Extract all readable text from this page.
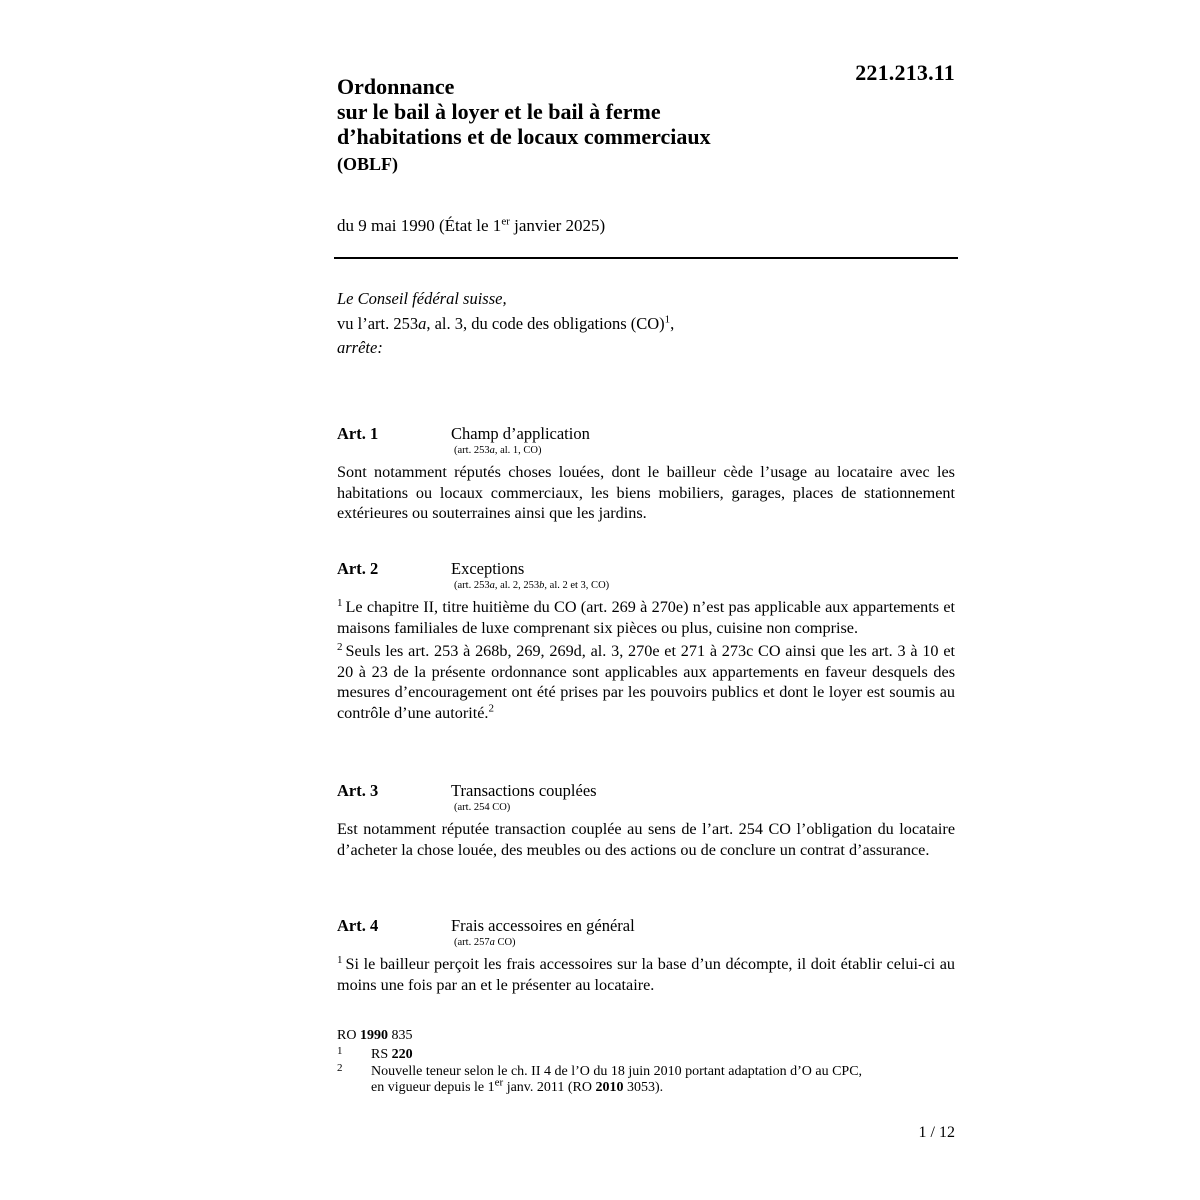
221.213.11
Ordonnance
sur le bail à loyer et le bail à ferme
d’habitations et de locaux commerciaux
(OBLF)
du 9 mai 1990 (État le 1er janvier 2025)
Le Conseil fédéral suisse,
vu l’art. 253a, al. 3, du code des obligations (CO)$^1$,
arrête:
Art. 1	Champ d’application
(art. 253a, al. 1, CO)

Sont notamment réputés choses louées, dont le bailleur cède l’usage au locataire avec les habitations ou locaux commerciaux, les biens mobiliers, garages, places de stationnement extérieures ou souterraines ainsi que les jardins.

Art. 2	Exceptions
(art. 253a, al. 2, 253b, al. 2 et 3, CO)

$^1$ Le chapitre II, titre huitième du CO (art. 269 à 270e) n’est pas applicable aux appartements et maisons familiales de luxe comprenant six pièces ou plus, cuisine non comprise.

$^2$ Seuls les art. 253 à 268b, 269, 269d, al. 3, 270e et 271 à 273c CO ainsi que les art. 3 à 10 et 20 à 23 de la présente ordonnance sont applicables aux appartements en faveur desquels des mesures d’encouragement ont été prises par les pouvoirs publics et dont le loyer est soumis au contrôle d’une autorité.$^2$

Art. 3	Transactions couplées
(art. 254 CO)

Est notamment réputée transaction couplée au sens de l’art. 254 CO l’obligation du locataire d’acheter la chose louée, des meubles ou des actions ou de conclure un contrat d’assurance.

Art. 4	Frais accessoires en général
(art. 257a CO)

$^1$ Si le bailleur perçoit les frais accessoires sur la base d’un décompte, il doit établir celui-ci au moins une fois par an et le présenter au locataire.

RO 1990 835
1 RS 220
2 Nouvelle teneur selon le ch. II 4 de l’O du 18 juin 2010 portant adaptation d’O au CPC,
en vigueur depuis le 1er janv. 2011 (RO 2010 3053).
1 / 12
